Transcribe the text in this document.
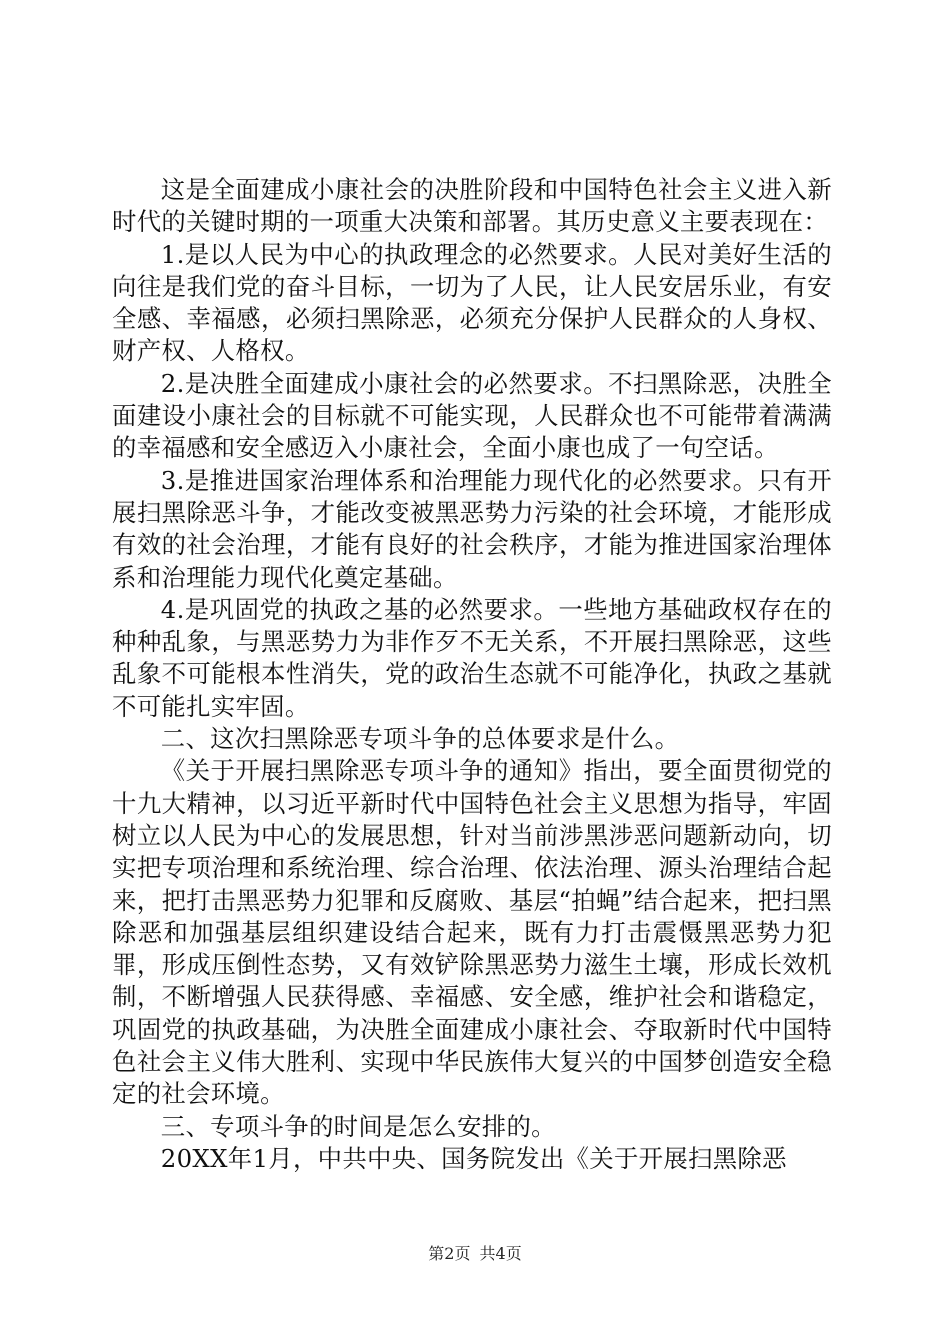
这是全面建成小康社会的决胜阶段和中国特色社会主义进入新时代的关键时期的一项重大决策和部署。其历史意义主要表现在：

1.是以人民为中心的执政理念的必然要求。人民对美好生活的向往是我们党的奋斗目标，一切为了人民，让人民安居乐业，有安全感、幸福感，必须扫黑除恶，必须充分保护人民群众的人身权、财产权、人格权。

2.是决胜全面建成小康社会的必然要求。不扫黑除恶，决胜全面建设小康社会的目标就不可能实现，人民群众也不可能带着满满的幸福感和安全感迈入小康社会，全面小康也成了一句空话。

3.是推进国家治理体系和治理能力现代化的必然要求。只有开展扫黑除恶斗争，才能改变被黑恶势力污染的社会环境，才能形成有效的社会治理，才能有良好的社会秩序，才能为推进国家治理体系和治理能力现代化奠定基础。

4.是巩固党的执政之基的必然要求。一些地方基础政权存在的种种乱象，与黑恶势力为非作歹不无关系，不开展扫黑除恶，这些乱象不可能根本性消失，党的政治生态就不可能净化，执政之基就不可能扎实牢固。

二、这次扫黑除恶专项斗争的总体要求是什么。

《关于开展扫黑除恶专项斗争的通知》指出，要全面贯彻党的十九大精神，以习近平新时代中国特色社会主义思想为指导，牢固树立以人民为中心的发展思想，针对当前涉黑涉恶问题新动向，切实把专项治理和系统治理、综合治理、依法治理、源头治理结合起来，把打击黑恶势力犯罪和反腐败、基层“拍蝇”结合起来，把扫黑除恶和加强基层组织建设结合起来，既有力打击震慑黑恶势力犯罪，形成压倒性态势，又有效铲除黑恶势力滋生土壤，形成长效机制，不断增强人民获得感、幸福感、安全感，维护社会和谐稳定，巩固党的执政基础，为决胜全面建成小康社会、夺取新时代中国特色社会主义伟大胜利、实现中华民族伟大复兴的中国梦创造安全稳定的社会环境。

三、专项斗争的时间是怎么安排的。

20XX年1月，中共中央、国务院发出《关于开展扫黑除恶

第2页 共4页
